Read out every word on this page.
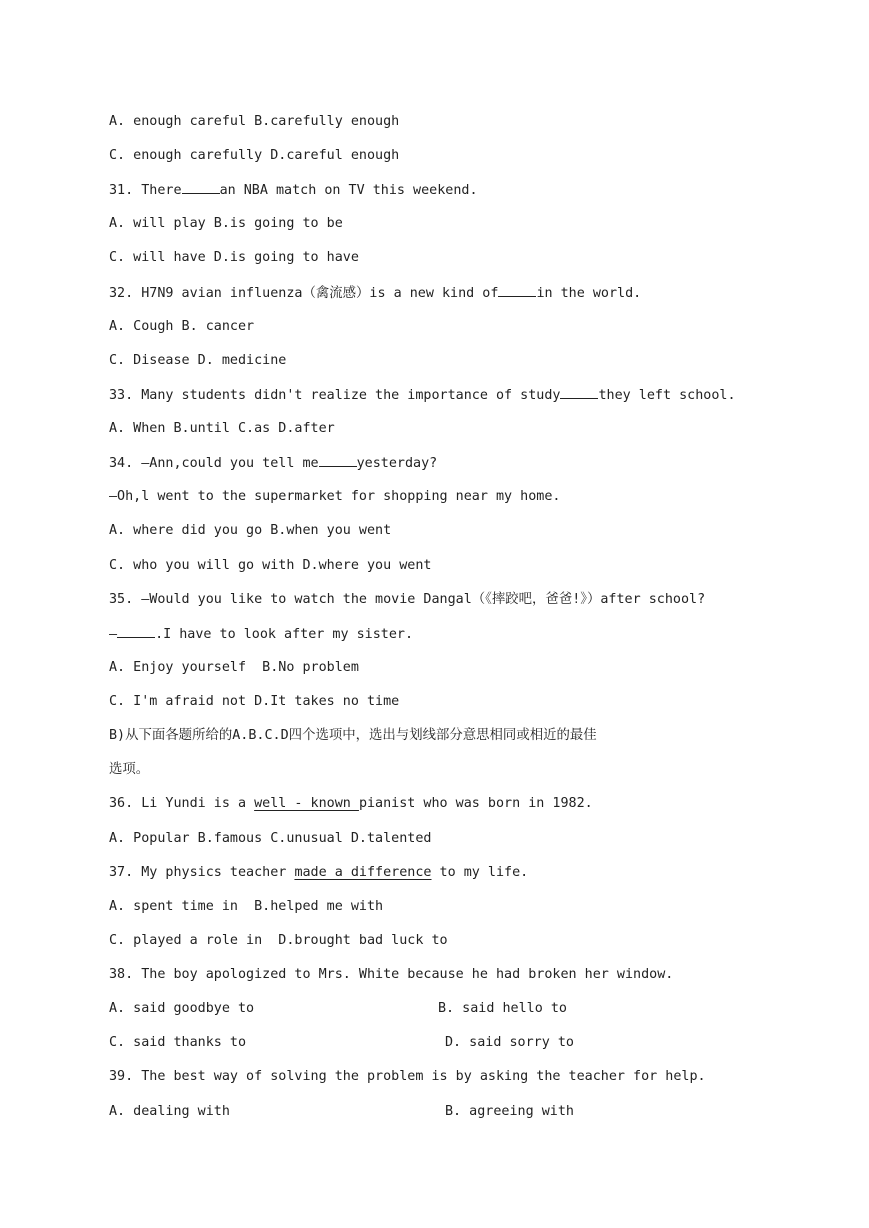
A. enough careful B.carefully enough
C. enough carefully D.careful enough
31. There	an NBA match on TV this weekend.
A. will play B.is going to be
C. will have D.is going to have
32. H7N9 avian influenza（禽流感）is a new kind of	in the world.
A. Cough B. cancer
C. Disease D. medicine
33. Many students didn't realize the importance of study	they left school.
A. When B.until C.as D.after
34. —Ann,could you tell me	yesterday?
—Oh,l went to the supermarket for shopping near my home.
A. where did you go B.when you went
C. who you will go with D.where you went
35. —Would you like to watch the movie Dangal（《摔跤吧，爸爸!》）after school?
—	.I have to look after my sister.
A. Enjoy yourself  B.No problem
C. I'm afraid not D.It takes no time
B)从下面各题所给的A.B.C.D四个选项中，选出与划线部分意思相同或相近的最佳
选项。
36. Li Yundi is a well - known pianist who was born in 1982.
A. Popular B.famous C.unusual D.talented
37. My physics teacher made a difference to my life.
A. spent time in  B.helped me with
C. played a role in  D.brought bad luck to
38. The boy apologized to Mrs. White because he had broken her window.
A. said goodbye to	B. said hello to
C. said thanks to	D. said sorry to
39. The best way of solving the problem is by asking the teacher for help.
A. dealing with	B. agreeing with
